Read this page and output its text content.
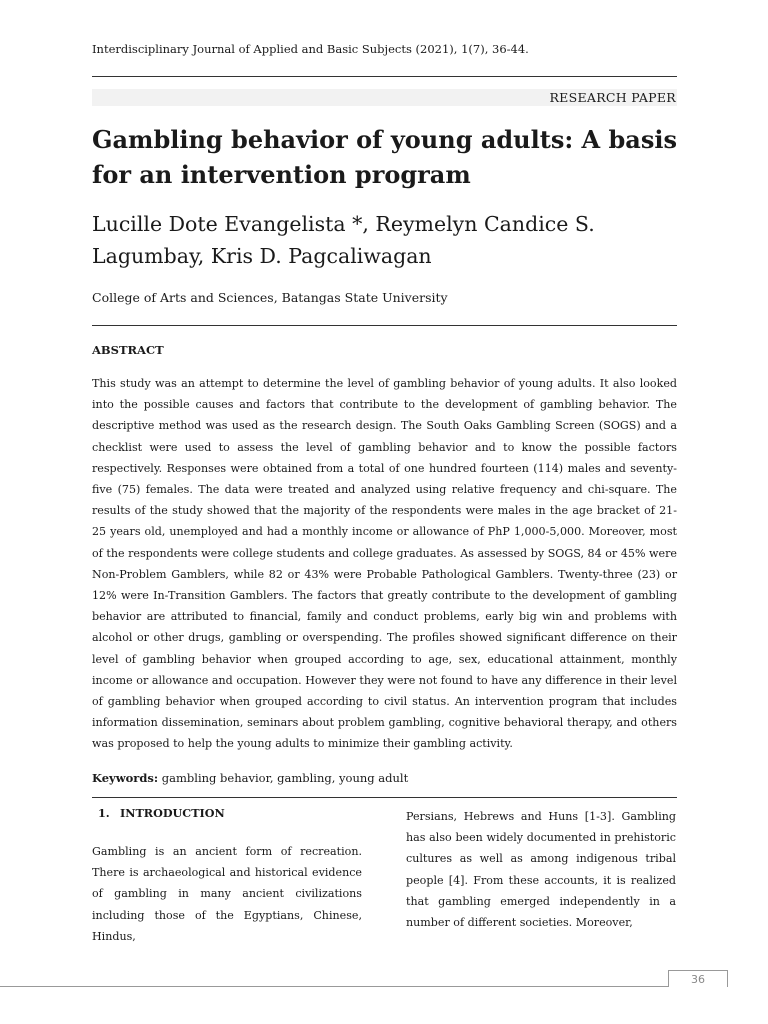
Interdisciplinary Journal of Applied and Basic Subjects (2021), 1(7), 36-44.
RESEARCH PAPER
Gambling behavior of young adults: A basis for an intervention program
Lucille Dote Evangelista *, Reymelyn Candice S. Lagumbay, Kris D. Pagcaliwagan
College of Arts and Sciences, Batangas State University
ABSTRACT

This study was an attempt to determine the level of gambling behavior of young adults. It also looked into the possible causes and factors that contribute to the development of gambling behavior. The descriptive method was used as the research design. The South Oaks Gambling Screen (SOGS) and a checklist were used to assess the level of gambling behavior and to know the possible factors respectively. Responses were obtained from a total of one hundred fourteen (114) males and seventy-five (75) females. The data were treated and analyzed using relative frequency and chi-square. The results of the study showed that the majority of the respondents were males in the age bracket of 21-25 years old, unemployed and had a monthly income or allowance of PhP 1,000-5,000. Moreover, most of the respondents were college students and college graduates. As assessed by SOGS, 84 or 45% were Non-Problem Gamblers, while 82 or 43% were Probable Pathological Gamblers. Twenty-three (23) or 12% were In-Transition Gamblers. The factors that greatly contribute to the development of gambling behavior are attributed to financial, family and conduct problems, early big win and problems with alcohol or other drugs, gambling or overspending. The profiles showed significant difference on their level of gambling behavior when grouped according to age, sex, educational attainment, monthly income or allowance and occupation. However they were not found to have any difference in their level of gambling behavior when grouped according to civil status. An intervention program that includes information dissemination, seminars about problem gambling, cognitive behavioral therapy, and others was proposed to help the young adults to minimize their gambling activity.

Keywords: gambling behavior, gambling, young adult
1. INTRODUCTION

Gambling is an ancient form of recreation. There is archaeological and historical evidence of gambling in many ancient civilizations including those of the Egyptians, Chinese, Hindus,

Persians, Hebrews and Huns [1-3]. Gambling has also been widely documented in prehistoric cultures as well as among indigenous tribal people [4]. From these accounts, it is realized that gambling emerged independently in a number of different societies. Moreover,

36
